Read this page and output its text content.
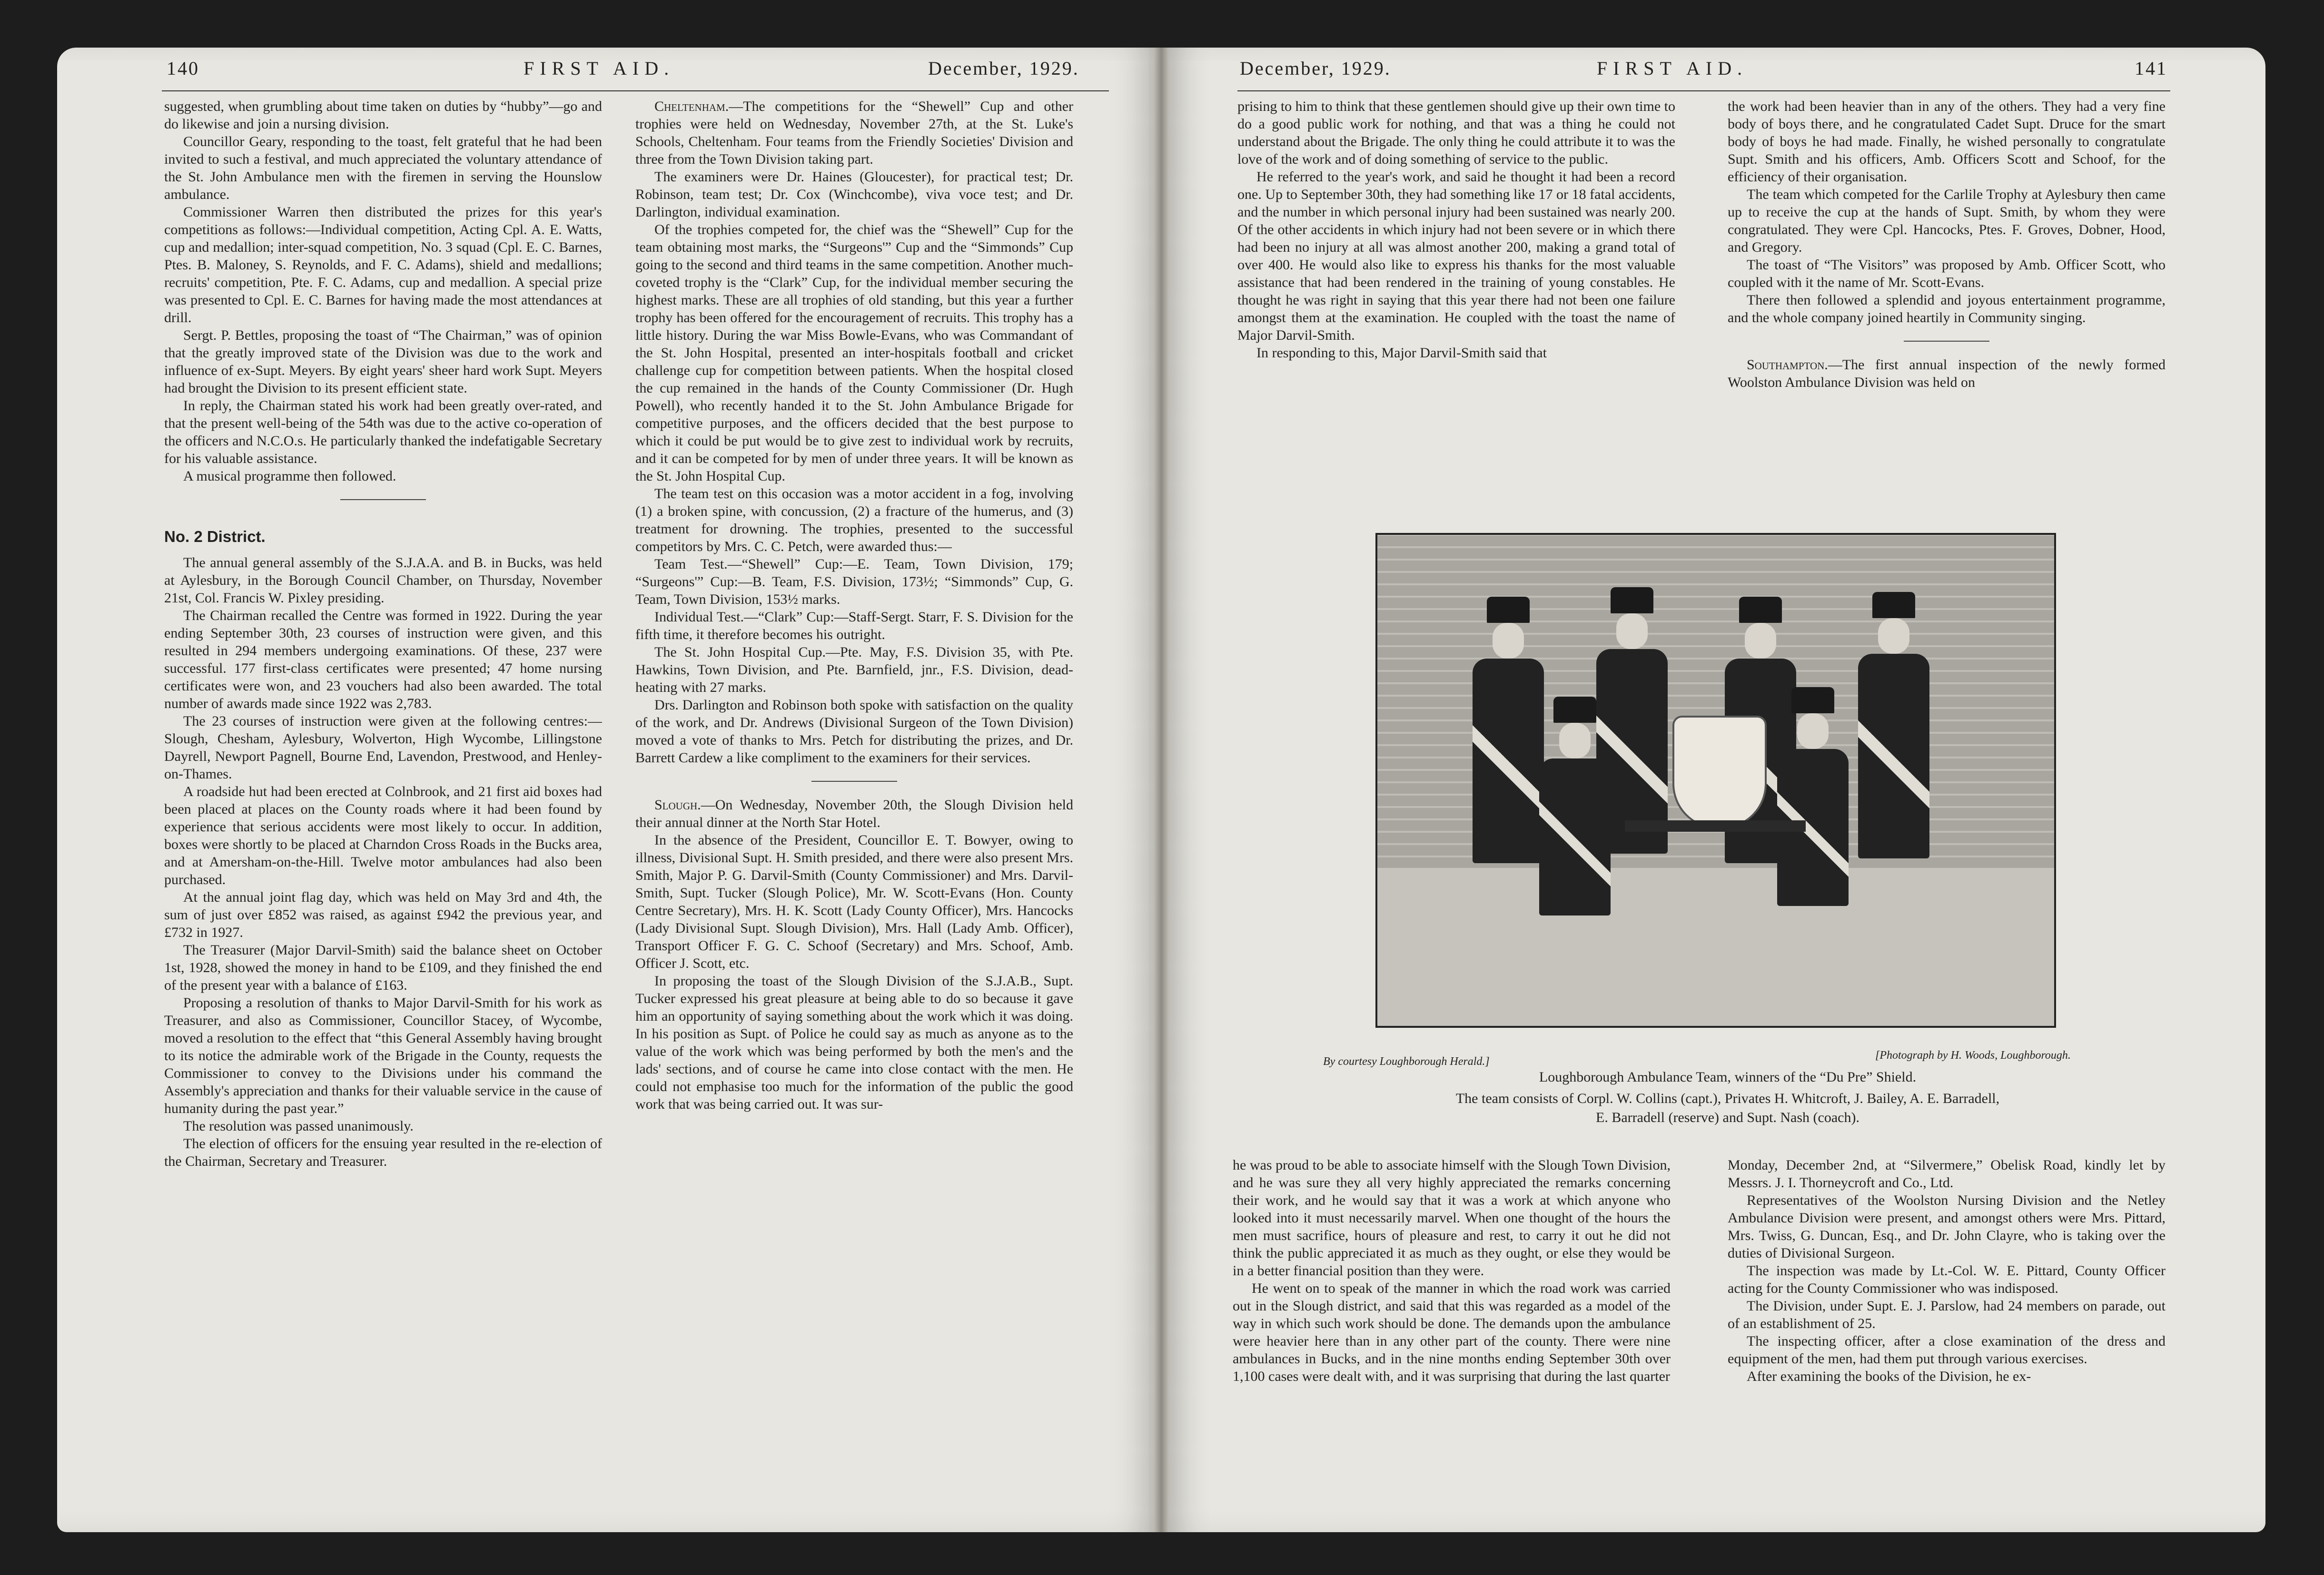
140	FIRST AID.	December, 1929.

suggested, when grumbling about time taken on duties by “hubby”—go and do likewise and join a nursing division.

Councillor Geary, responding to the toast, felt grateful that he had been invited to such a festival, and much appreciated the voluntary attendance of the St. John Ambulance men with the firemen in serving the Hounslow ambulance.

Commissioner Warren then distributed the prizes for this year's competitions as follows:—Individual competition, Acting Cpl. A. E. Watts, cup and medallion; inter-squad competition, No. 3 squad (Cpl. E. C. Barnes, Ptes. B. Maloney, S. Reynolds, and F. C. Adams), shield and medallions; recruits' competition, Pte. F. C. Adams, cup and medallion. A special prize was presented to Cpl. E. C. Barnes for having made the most attendances at drill.

Sergt. P. Bettles, proposing the toast of “The Chairman,” was of opinion that the greatly improved state of the Division was due to the work and influence of ex-Supt. Meyers. By eight years' sheer hard work Supt. Meyers had brought the Division to its present efficient state.

In reply, the Chairman stated his work had been greatly over-rated, and that the present well-being of the 54th was due to the active co-operation of the officers and N.C.O.s. He particularly thanked the indefatigable Secretary for his valuable assistance.

A musical programme then followed.

No. 2 District.

The annual general assembly of the S.J.A.A. and B. in Bucks, was held at Aylesbury, in the Borough Council Chamber, on Thursday, November 21st, Col. Francis W. Pixley presiding.

The Chairman recalled the Centre was formed in 1922. During the year ending September 30th, 23 courses of instruction were given, and this resulted in 294 members undergoing examinations. Of these, 237 were successful. 177 first-class certificates were presented; 47 home nursing certificates were won, and 23 vouchers had also been awarded. The total number of awards made since 1922 was 2,783.

The 23 courses of instruction were given at the following centres:—Slough, Chesham, Aylesbury, Wolverton, High Wycombe, Lillingstone Dayrell, Newport Pagnell, Bourne End, Lavendon, Prestwood, and Henley-on-Thames.

A roadside hut had been erected at Colnbrook, and 21 first aid boxes had been placed at places on the County roads where it had been found by experience that serious accidents were most likely to occur. In addition, boxes were shortly to be placed at Charndon Cross Roads in the Bucks area, and at Amersham-on-the-Hill. Twelve motor ambulances had also been purchased.

At the annual joint flag day, which was held on May 3rd and 4th, the sum of just over £852 was raised, as against £942 the previous year, and £732 in 1927.

The Treasurer (Major Darvil-Smith) said the balance sheet on October 1st, 1928, showed the money in hand to be £109, and they finished the end of the present year with a balance of £163.

Proposing a resolution of thanks to Major Darvil-Smith for his work as Treasurer, and also as Commissioner, Councillor Stacey, of Wycombe, moved a resolution to the effect that “this General Assembly having brought to its notice the admirable work of the Brigade in the County, requests the Commissioner to convey to the Divisions under his command the Assembly's appreciation and thanks for their valuable service in the cause of humanity during the past year.”

The resolution was passed unanimously.

The election of officers for the ensuing year resulted in the re-election of the Chairman, Secretary and Treasurer.

Cheltenham.—The competitions for the “Shewell” Cup and other trophies were held on Wednesday, November 27th, at the St. Luke's Schools, Cheltenham. Four teams from the Friendly Societies' Division and three from the Town Division taking part.

The examiners were Dr. Haines (Gloucester), for practical test; Dr. Robinson, team test; Dr. Cox (Winchcombe), viva voce test; and Dr. Darlington, individual examination.

Of the trophies competed for, the chief was the “Shewell” Cup for the team obtaining most marks, the “Surgeons'” Cup and the “Simmonds” Cup going to the second and third teams in the same competition. Another much-coveted trophy is the “Clark” Cup, for the individual member securing the highest marks. These are all trophies of old standing, but this year a further trophy has been offered for the encouragement of recruits. This trophy has a little history. During the war Miss Bowle-Evans, who was Commandant of the St. John Hospital, presented an inter-hospitals football and cricket challenge cup for competition between patients. When the hospital closed the cup remained in the hands of the County Commissioner (Dr. Hugh Powell), who recently handed it to the St. John Ambulance Brigade for competitive purposes, and the officers decided that the best purpose to which it could be put would be to give zest to individual work by recruits, and it can be competed for by men of under three years. It will be known as the St. John Hospital Cup.

The team test on this occasion was a motor accident in a fog, involving (1) a broken spine, with concussion, (2) a fracture of the humerus, and (3) treatment for drowning. The trophies, presented to the successful competitors by Mrs. C. C. Petch, were awarded thus:—

Team Test.—“Shewell” Cup:—E. Team, Town Division, 179; “Surgeons'” Cup:—B. Team, F.S. Division, 173½; “Simmonds” Cup, G. Team, Town Division, 153½ marks.

Individual Test.—“Clark” Cup:—Staff-Sergt. Starr, F. S. Division for the fifth time, it therefore becomes his outright.

The St. John Hospital Cup.—Pte. May, F.S. Division 35, with Pte. Hawkins, Town Division, and Pte. Barnfield, jnr., F.S. Division, dead-heating with 27 marks.

Drs. Darlington and Robinson both spoke with satisfaction on the quality of the work, and Dr. Andrews (Divisional Surgeon of the Town Division) moved a vote of thanks to Mrs. Petch for distributing the prizes, and Dr. Barrett Cardew a like compliment to the examiners for their services.

Slough.—On Wednesday, November 20th, the Slough Division held their annual dinner at the North Star Hotel.

In the absence of the President, Councillor E. T. Bowyer, owing to illness, Divisional Supt. H. Smith presided, and there were also present Mrs. Smith, Major P. G. Darvil-Smith (County Commissioner) and Mrs. Darvil-Smith, Supt. Tucker (Slough Police), Mr. W. Scott-Evans (Hon. County Centre Secretary), Mrs. H. K. Scott (Lady County Officer), Mrs. Hancocks (Lady Divisional Supt. Slough Division), Mrs. Hall (Lady Amb. Officer), Transport Officer F. G. C. Schoof (Secretary) and Mrs. Schoof, Amb. Officer J. Scott, etc.

In proposing the toast of the Slough Division of the S.J.A.B., Supt. Tucker expressed his great pleasure at being able to do so because it gave him an opportunity of saying something about the work which it was doing. In his position as Supt. of Police he could say as much as anyone as to the value of the work which was being performed by both the men's and the lads' sections, and of course he came into close contact with the men. He could not emphasise too much for the information of the public the good work that was being carried out. It was sur-

December, 1929.	FIRST AID.	141

prising to him to think that these gentlemen should give up their own time to do a good public work for nothing, and that was a thing he could not understand about the Brigade. The only thing he could attribute it to was the love of the work and of doing something of service to the public.

He referred to the year's work, and said he thought it had been a record one. Up to September 30th, they had something like 17 or 18 fatal accidents, and the number in which personal injury had been sustained was nearly 200. Of the other accidents in which injury had not been severe or in which there had been no injury at all was almost another 200, making a grand total of over 400. He would also like to express his thanks for the most valuable assistance that had been rendered in the training of young constables. He thought he was right in saying that this year there had not been one failure amongst them at the examination. He coupled with the toast the name of Major Darvil-Smith.

In responding to this, Major Darvil-Smith said that

the work had been heavier than in any of the others. They had a very fine body of boys there, and he congratulated Cadet Supt. Druce for the smart body of boys he had made. Finally, he wished personally to congratulate Supt. Smith and his officers, Amb. Officers Scott and Schoof, for the efficiency of their organisation.

The team which competed for the Carlile Trophy at Aylesbury then came up to receive the cup at the hands of Supt. Smith, by whom they were congratulated. They were Cpl. Hancocks, Ptes. F. Groves, Dobner, Hood, and Gregory.

The toast of “The Visitors” was proposed by Amb. Officer Scott, who coupled with it the name of Mr. Scott-Evans.

There then followed a splendid and joyous entertainment programme, and the whole company joined heartily in Community singing.

Southampton.—The first annual inspection of the newly formed Woolston Ambulance Division was held on

By courtesy Loughborough Herald.]	[Photograph by H. Woods, Loughborough.
Loughborough Ambulance Team, winners of the “Du Pre” Shield.
The team consists of Corpl. W. Collins (capt.), Privates H. Whitcroft, J. Bailey, A. E. Barradell,
E. Barradell (reserve) and Supt. Nash (coach).

he was proud to be able to associate himself with the Slough Town Division, and he was sure they all very highly appreciated the remarks concerning their work, and he would say that it was a work at which anyone who looked into it must necessarily marvel. When one thought of the hours the men must sacrifice, hours of pleasure and rest, to carry it out he did not think the public appreciated it as much as they ought, or else they would be in a better financial position than they were.

He went on to speak of the manner in which the road work was carried out in the Slough district, and said that this was regarded as a model of the way in which such work should be done. The demands upon the ambulance were heavier here than in any other part of the county. There were nine ambulances in Bucks, and in the nine months ending September 30th over 1,100 cases were dealt with, and it was surprising that during the last quarter

Monday, December 2nd, at “Silvermere,” Obelisk Road, kindly let by Messrs. J. I. Thorneycroft and Co., Ltd.

Representatives of the Woolston Nursing Division and the Netley Ambulance Division were present, and amongst others were Mrs. Pittard, Mrs. Twiss, G. Duncan, Esq., and Dr. John Clayre, who is taking over the duties of Divisional Surgeon.

The inspection was made by Lt.-Col. W. E. Pittard, County Officer acting for the County Commissioner who was indisposed.

The Division, under Supt. E. J. Parslow, had 24 members on parade, out of an establishment of 25.

The inspecting officer, after a close examination of the dress and equipment of the men, had them put through various exercises.

After examining the books of the Division, he ex-
